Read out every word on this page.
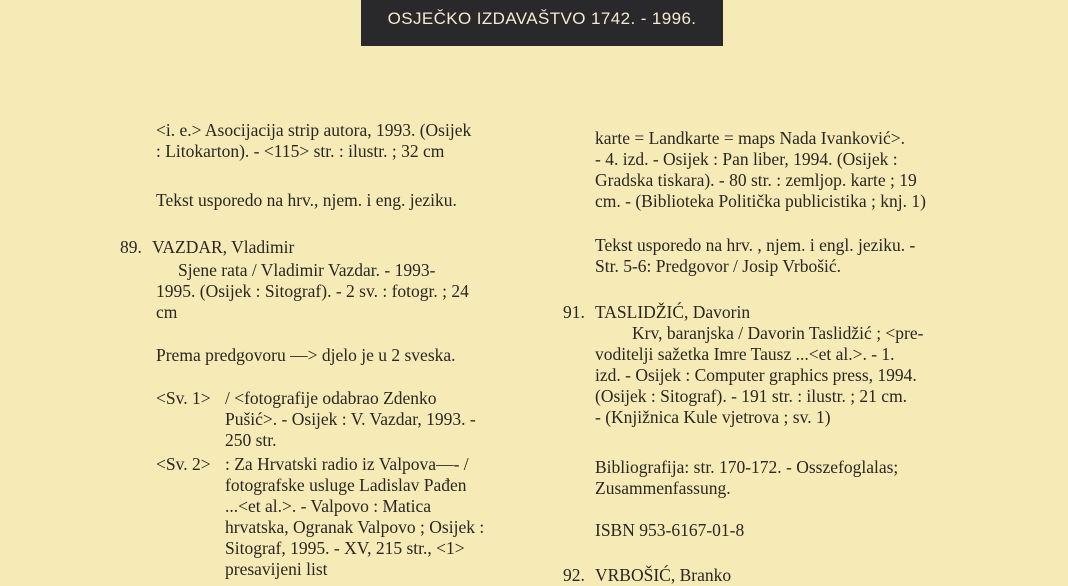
OSJEČKO IZDAVAŠTVO 1742. - 1996.
<i. e.> Asocijacija strip autora, 1993. (Osijek
: Litokarton). - <115> str. : ilustr. ; 32 cm
Tekst usporedo na hrv., njem. i eng. jeziku.
89. VAZDAR, Vladimir
Sjene rata / Vladimir Vazdar. - 1993-
1995. (Osijek : Sitograf). - 2 sv. : fotogr. ; 24
cm
Prema predgovoru —> djelo je u 2 sveska.
<Sv. 1> / <fotografije odabrao Zdenko
Pušić>. - Osijek : V. Vazdar, 1993. -
250 str.
<Sv. 2> : Za Hrvatski radio iz Valpova—- /
fotografske usluge Ladislav Pađen
...<et al.>. - Valpovo : Matica
hrvatska, Ogranak Valpovo ; Osijek :
Sitograf, 1995. - XV, 215 str., <1>
presavijeni list
karte = Landkarte = maps Nada Ivanković>.
- 4. izd. - Osijek : Pan liber, 1994. (Osijek :
Gradska tiskara). - 80 str. : zemljop. karte ; 19
cm. - (Biblioteka Politička publicistika ; knj. 1)
Tekst usporedo na hrv. , njem. i engl. jeziku. -
Str. 5-6: Predgovor / Josip Vrbošić.
91. TASLIDŽIĆ, Davorin
Krv, baranjska / Davorin Taslidžić ; <pre-
voditelji sažetka Imre Tausz ...<et al.>. - 1.
izd. - Osijek : Computer graphics press, 1994.
(Osijek : Sitograf). - 191 str. : ilustr. ; 21 cm.
- (Knjižnica Kule vjetrova ; sv. 1)
Bibliografija: str. 170-172. - Osszefoglalas;
Zusammenfassung.
ISBN 953-6167-01-8
92. VRBOŠIĆ, Branko
